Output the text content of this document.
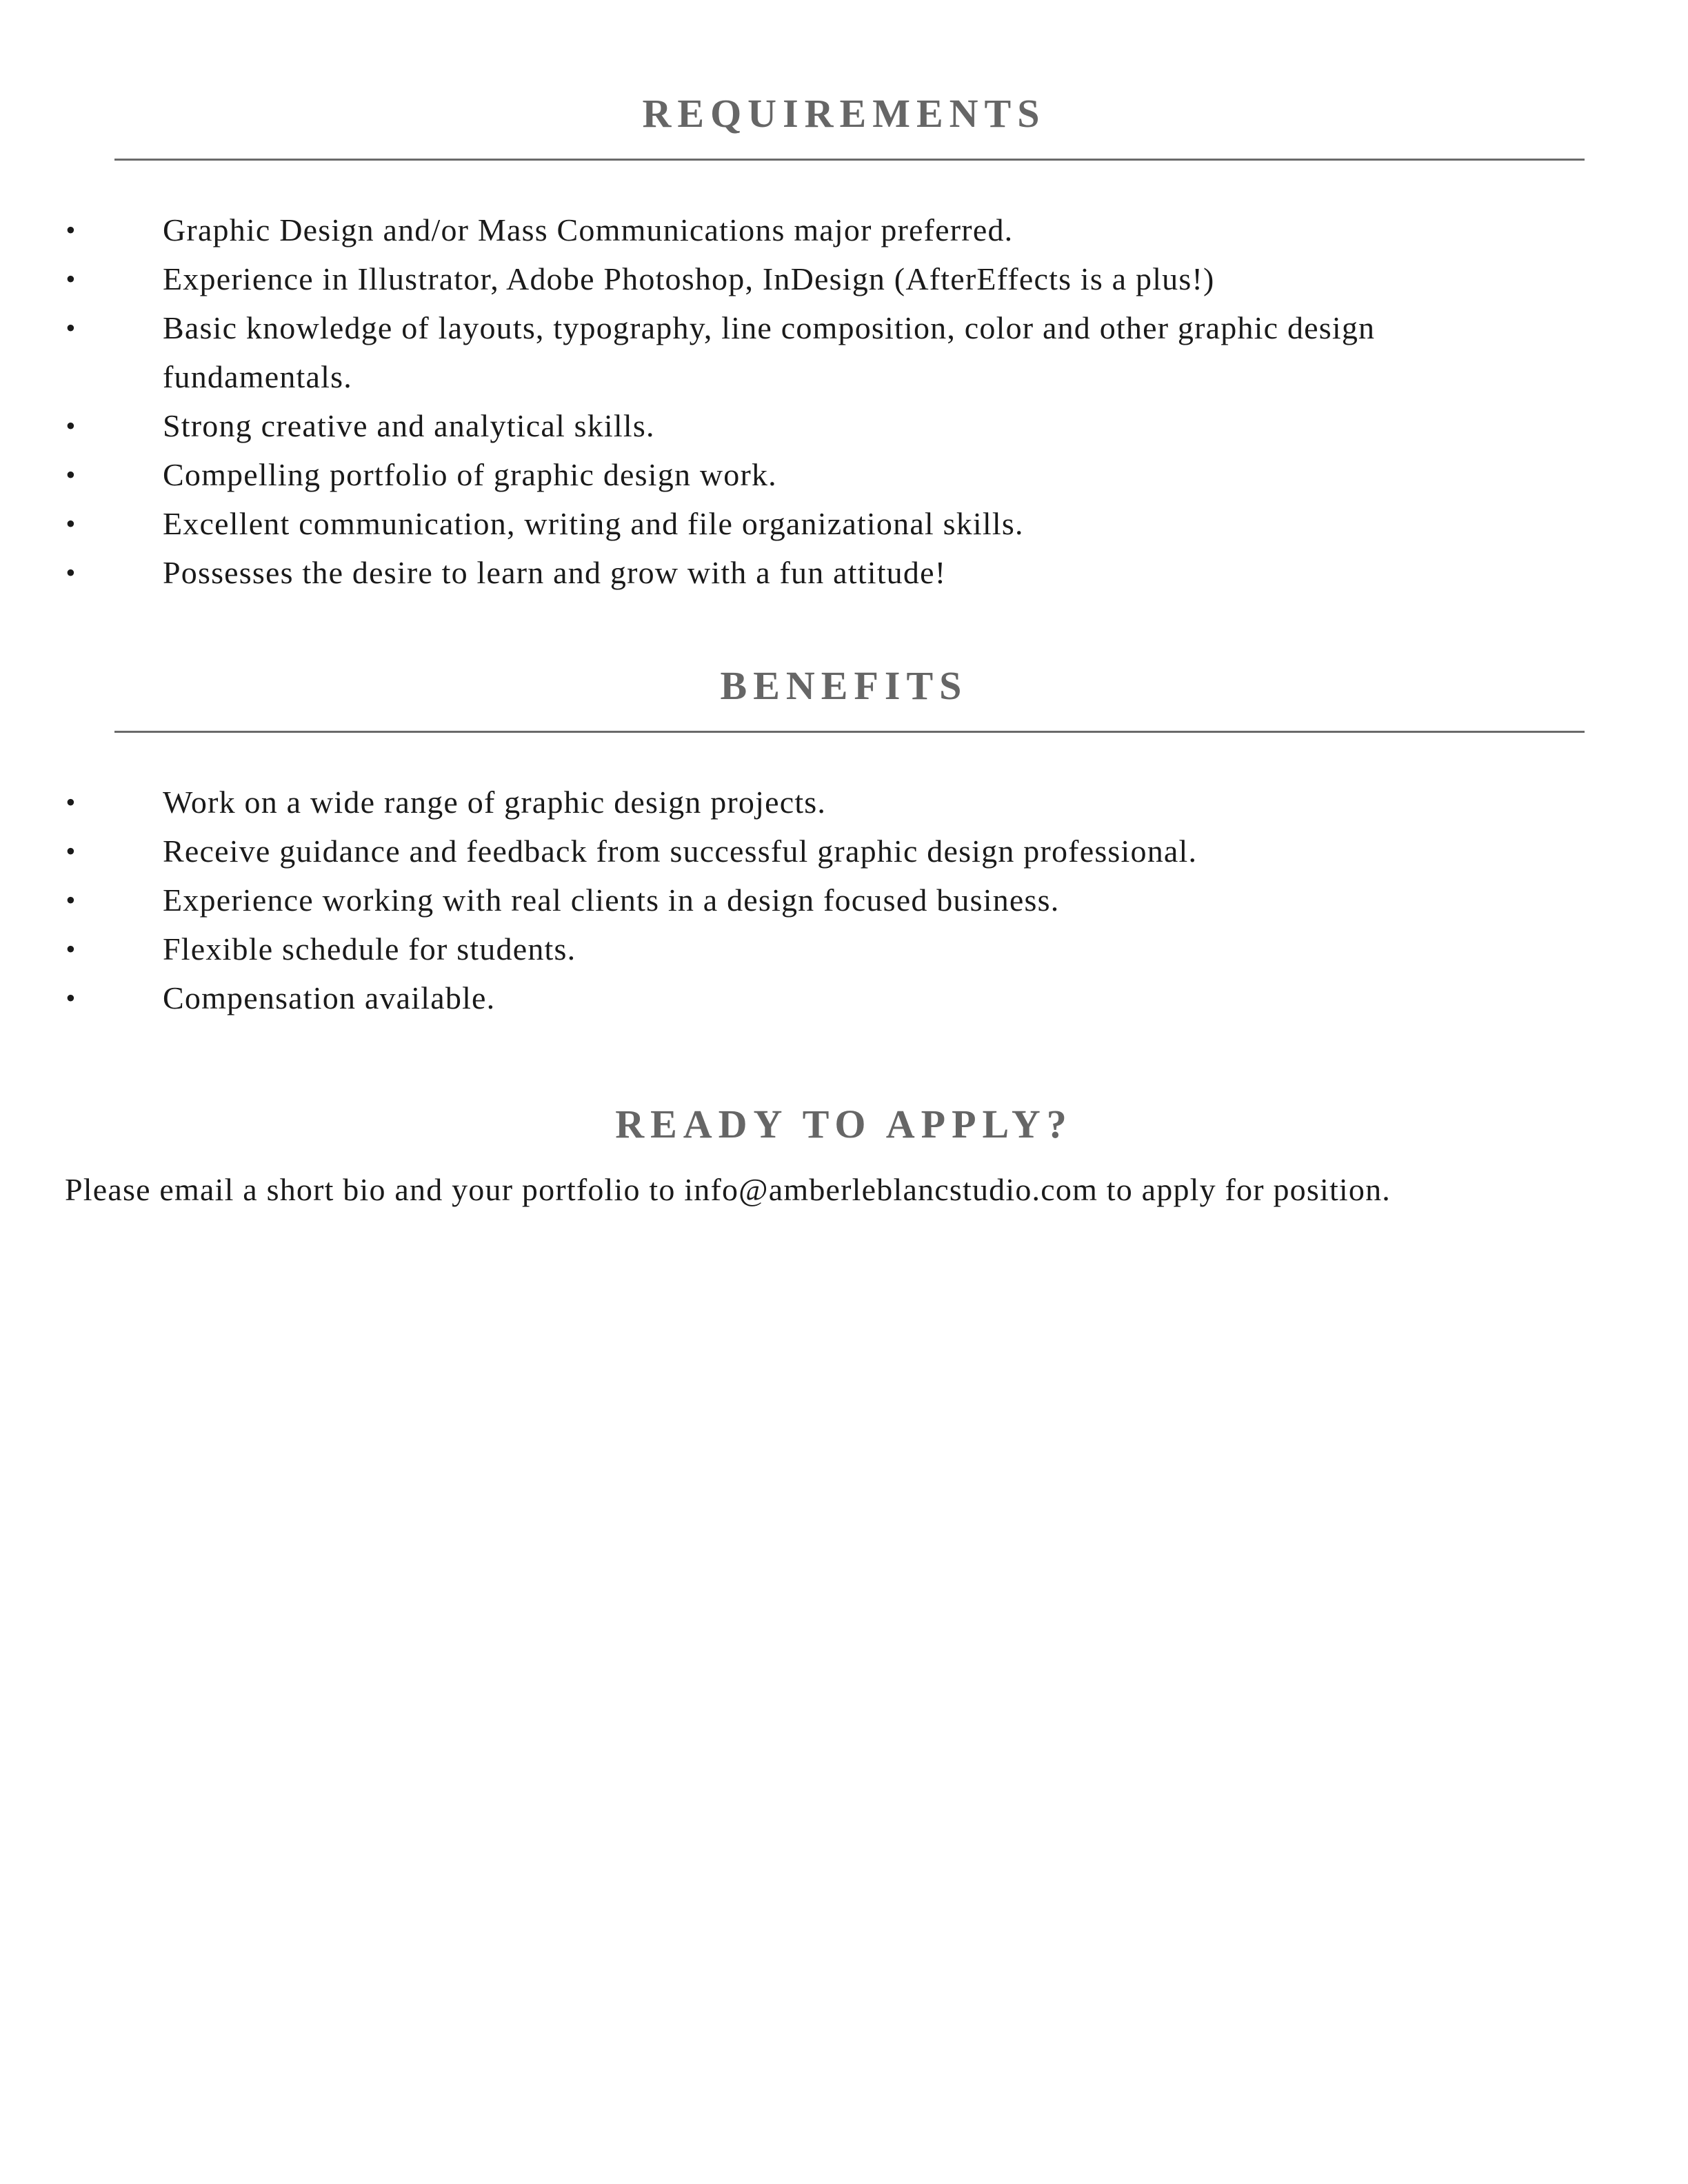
REQUIREMENTS
•	Graphic Design and/or Mass Communications major preferred.
•	Experience in Illustrator, Adobe Photoshop, InDesign (AfterEffects is a plus!)
•	Basic knowledge of layouts, typography, line composition, color and other graphic design fundamentals.
•	Strong creative and analytical skills.
•	Compelling portfolio of graphic design work.
•	Excellent communication, writing and file organizational skills.
•	Possesses the desire to learn and grow with a fun attitude!
BENEFITS
•	Work on a wide range of graphic design projects.
•	Receive guidance and feedback from successful graphic design professional.
•	Experience working with real clients in a design focused business.
•	Flexible schedule for students.
•	Compensation available.
READY TO APPLY?

Please email a short bio and your portfolio to info@amberleblancstudio.com to apply for position.
